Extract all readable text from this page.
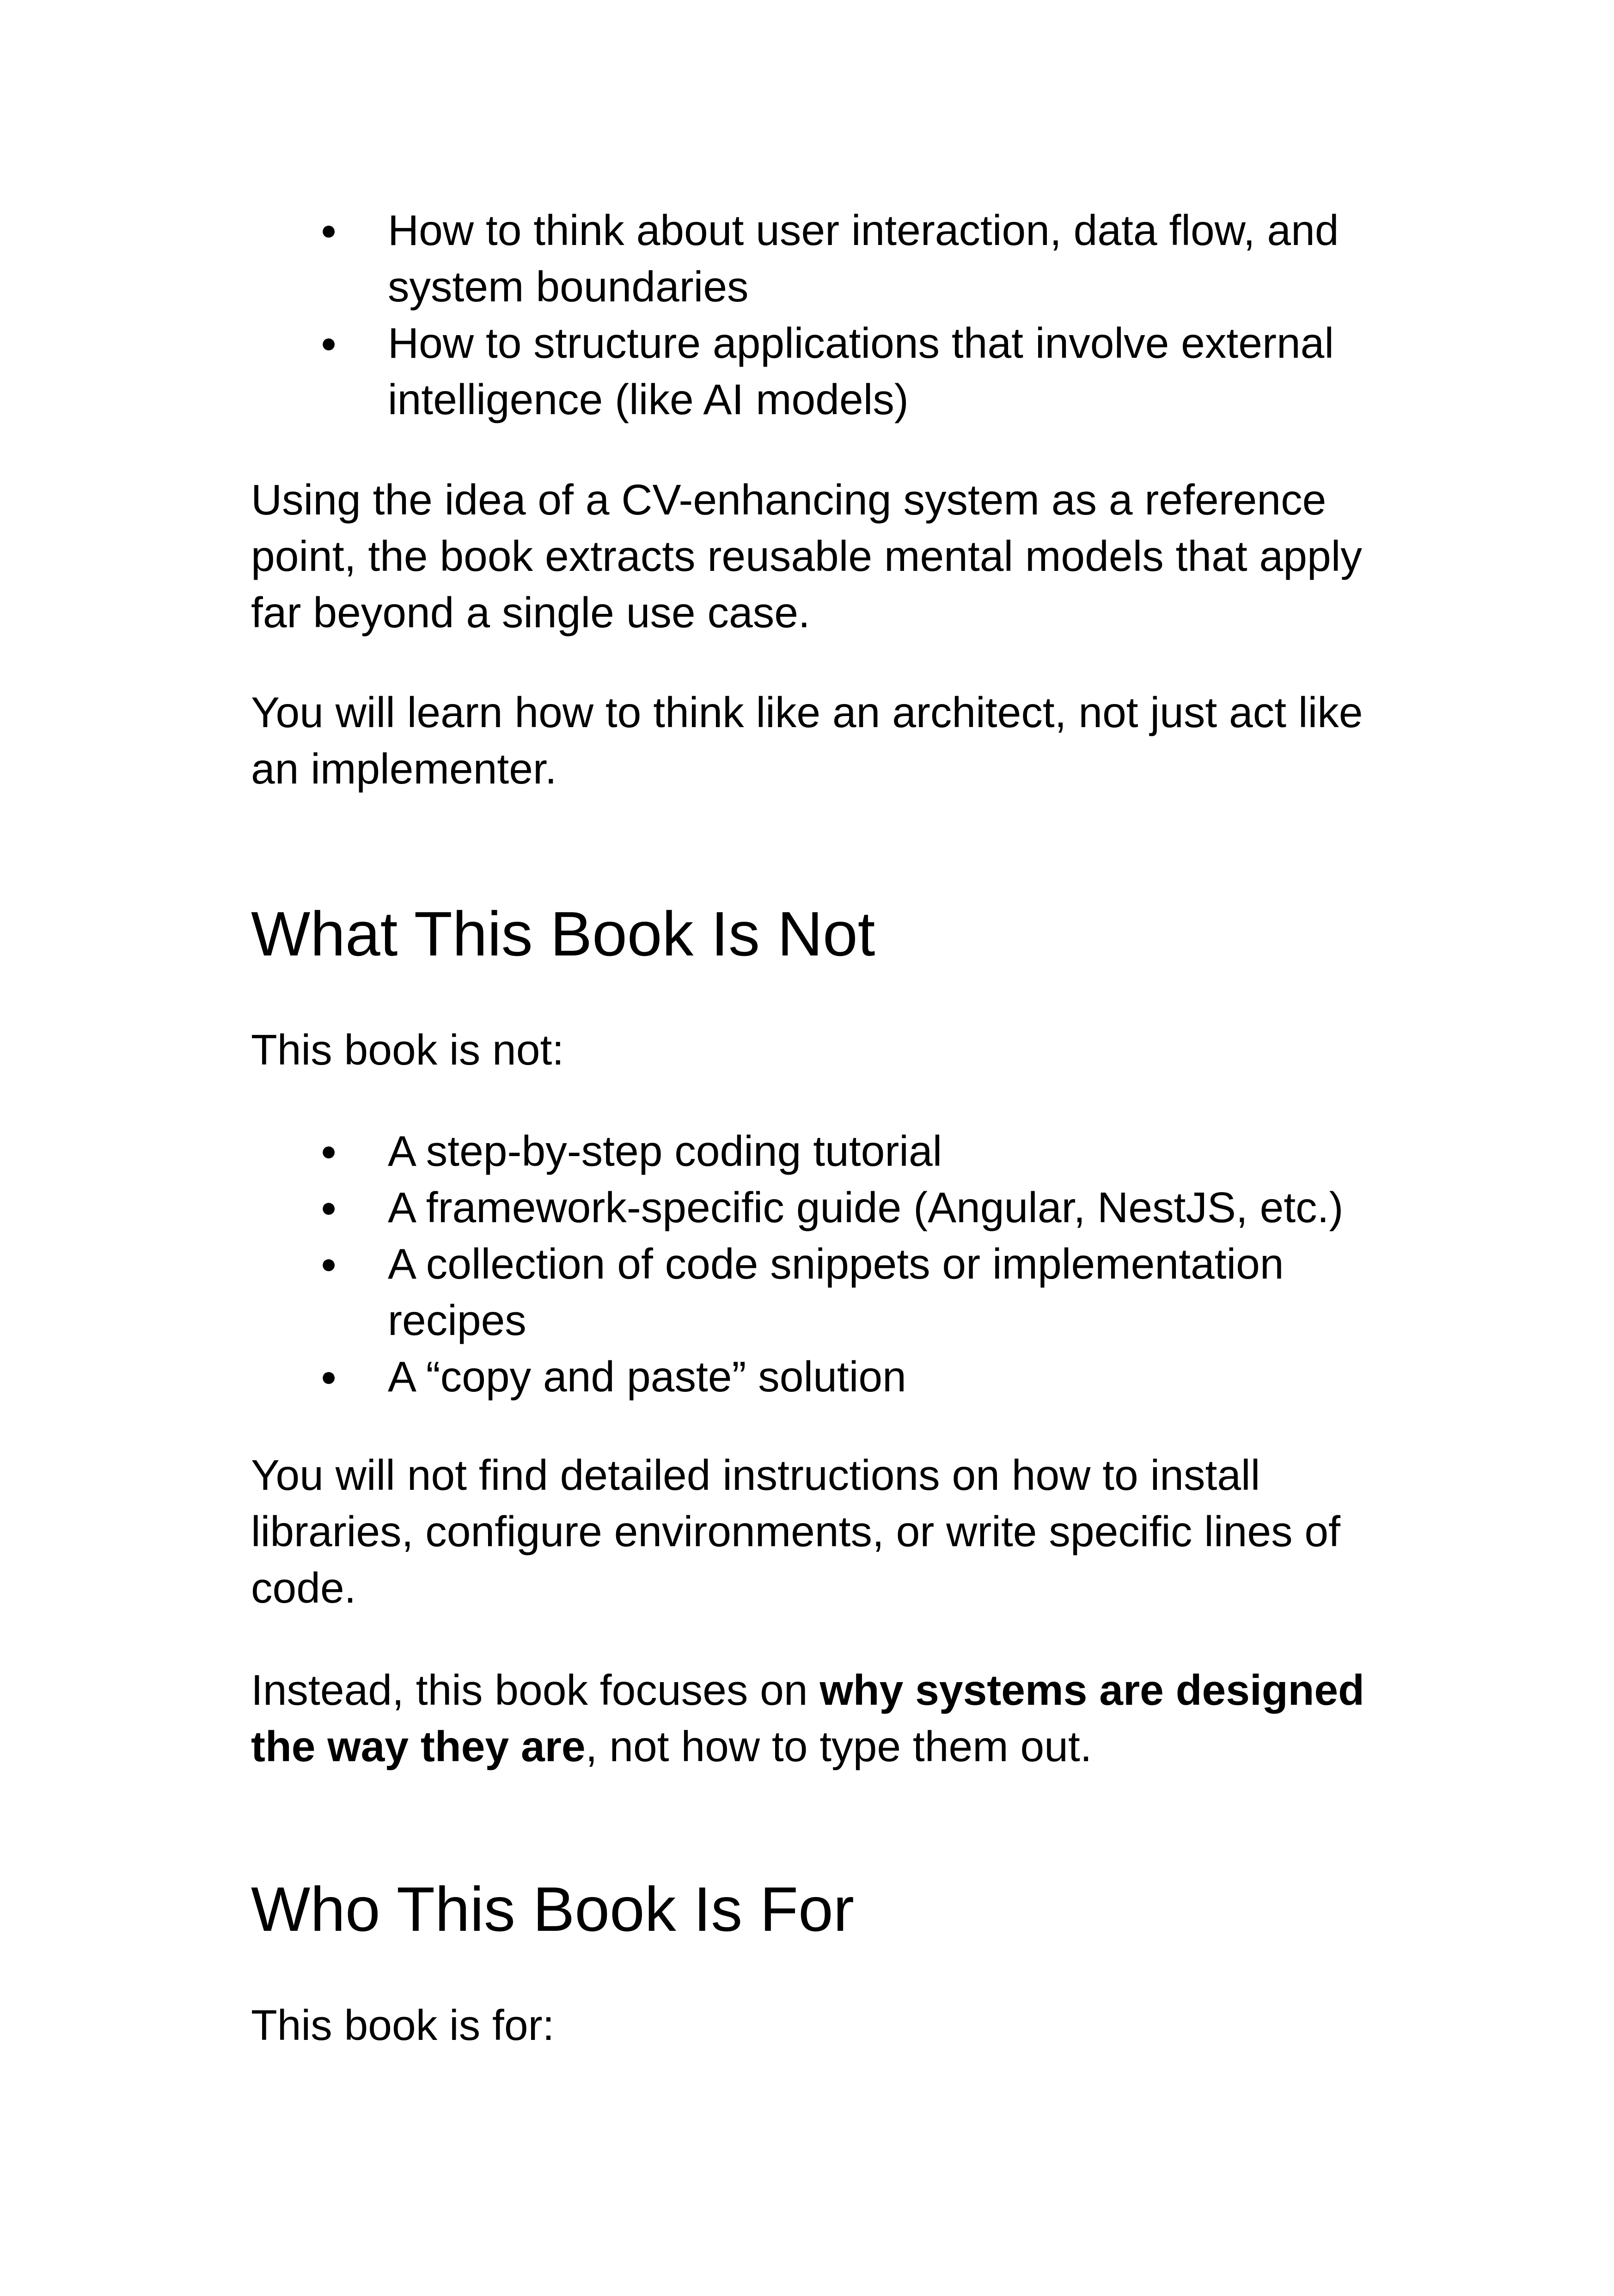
● How to think about user interaction, data flow, and system boundaries
● How to structure applications that involve external intelligence (like AI models)

Using the idea of a CV-enhancing system as a reference point, the book extracts reusable mental models that apply far beyond a single use case.

You will learn how to think like an architect, not just act like an implementer.

What This Book Is Not

This book is not:

● A step-by-step coding tutorial
● A framework-specific guide (Angular, NestJS, etc.)
● A collection of code snippets or implementation recipes
● A “copy and paste” solution

You will not find detailed instructions on how to install libraries, configure environments, or write specific lines of code.

Instead, this book focuses on why systems are designed the way they are, not how to type them out.

Who This Book Is For

This book is for:
